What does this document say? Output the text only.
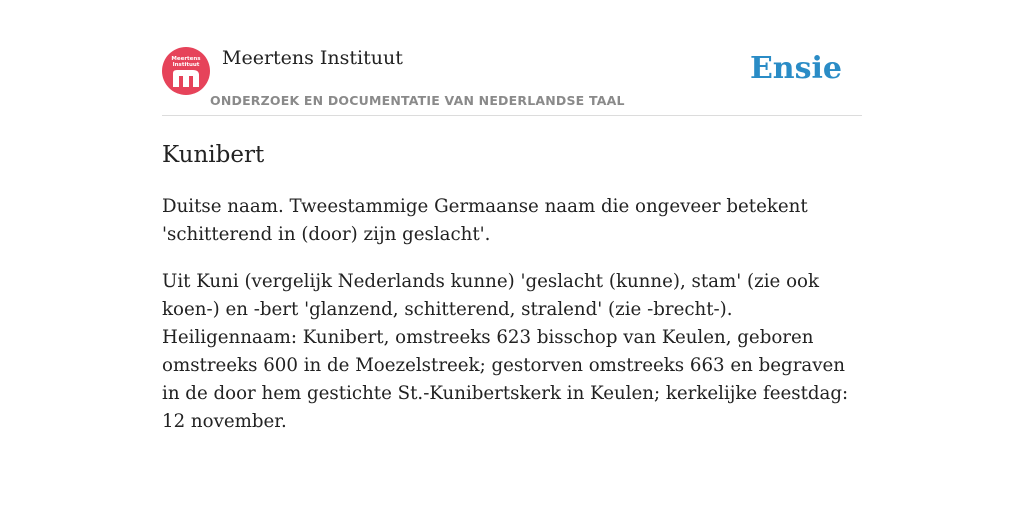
Meertens
Instituut	Meertens Instituut
ONDERZOEK EN DOCUMENTATIE VAN NEDERLANDSE TAAL
Ensie
Kunibert

Duitse naam. Tweestammige Germaanse naam die ongeveer betekent 'schitterend in (door) zijn geslacht'.

Uit Kuni (vergelijk Nederlands kunne) 'geslacht (kunne), stam' (zie ook koen-) en -bert 'glanzend, schitterend, stralend' (zie -brecht-). Heiligennaam: Kunibert, omstreeks 623 bisschop van Keulen, geboren omstreeks 600 in de Moezelstreek; gestorven omstreeks 663 en begraven in de door hem gestichte St.-Kunibertskerk in Keulen; kerkelijke feestdag: 12 november.
